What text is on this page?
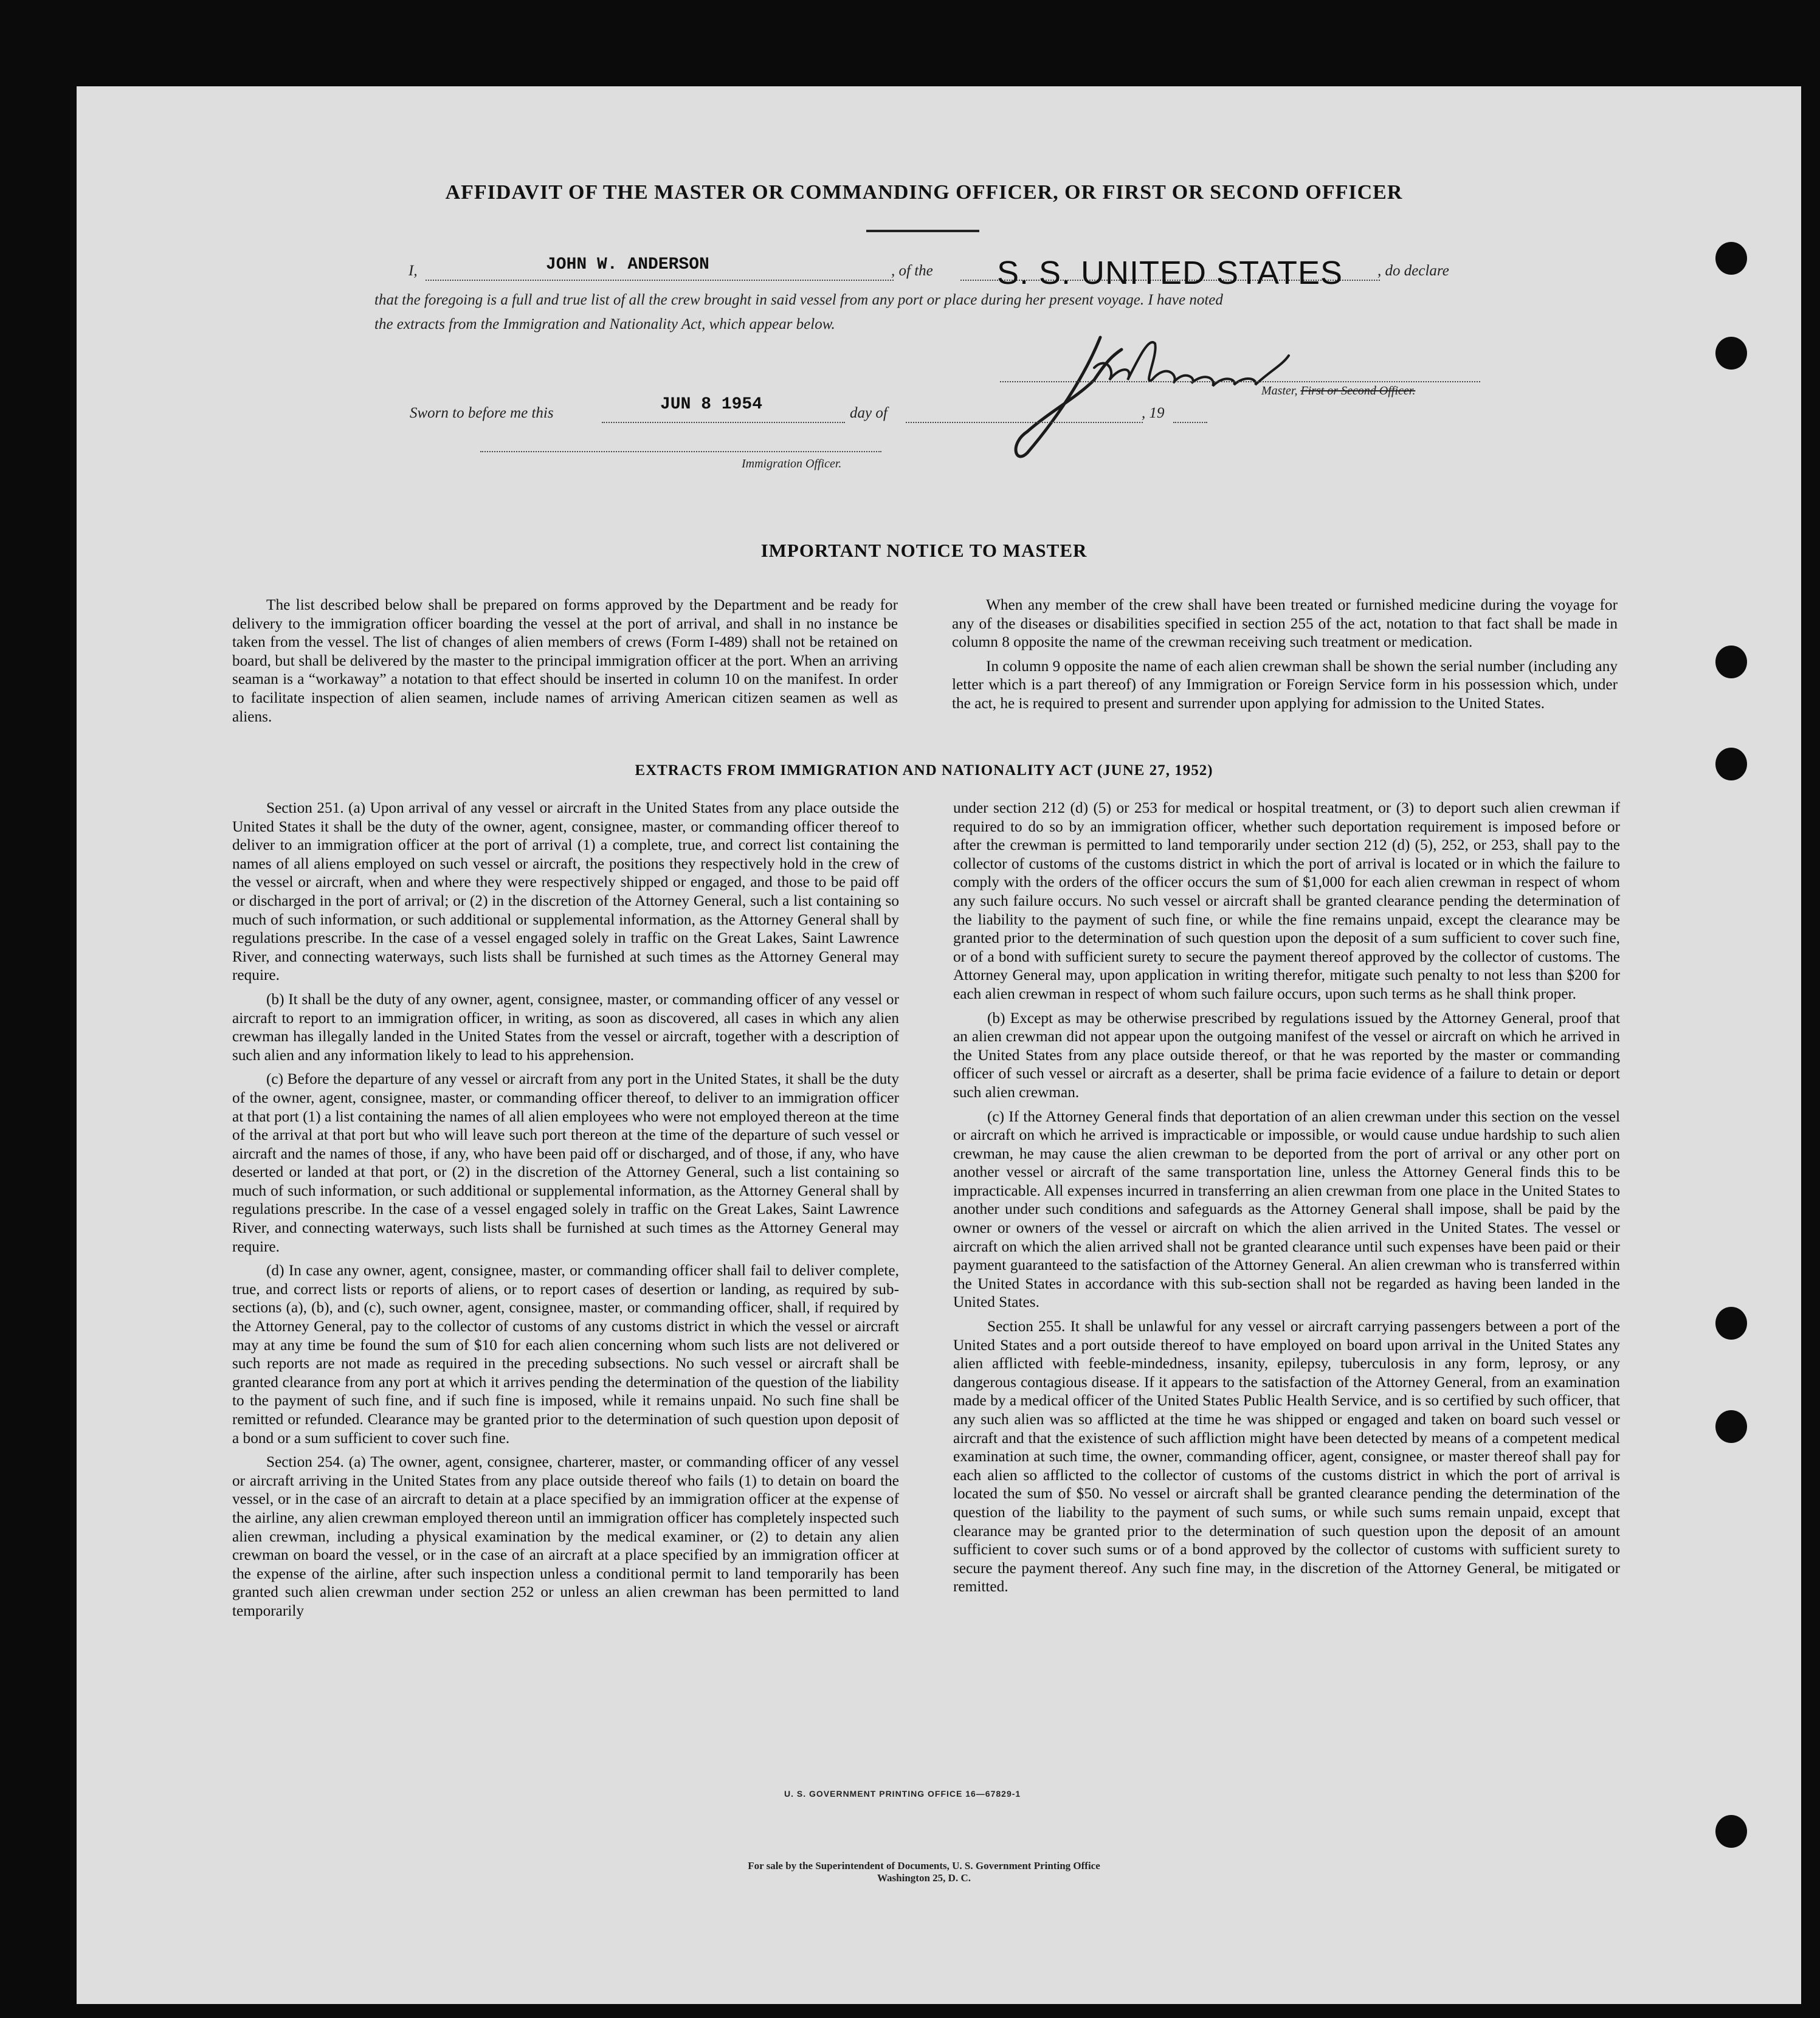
AFFIDAVIT OF THE MASTER OR COMMANDING OFFICER, OR FIRST OR SECOND OFFICER
I,	JOHN W. ANDERSON	, of the S. S. UNITED STATES , do declare
that the foregoing is a full and true list of all the crew brought in said vessel from any port or place during her present voyage. I have noted
the extracts from the Immigration and Nationality Act, which appear below.
Master, First or Second Officer.
Sworn to before me this	JUN 8 1954	day of	, 19
Immigration Officer.
IMPORTANT NOTICE TO MASTER

The list described below shall be prepared on forms approved by the Department and be ready for delivery to the immigration officer boarding the vessel at the port of arrival, and shall in no instance be taken from the vessel. The list of changes of alien members of crews (Form I-489) shall not be retained on board, but shall be delivered by the master to the principal immigration officer at the port. When an arriving seaman is a “workaway” a notation to that effect should be inserted in column 10 on the manifest. In order to facilitate inspection of alien seamen, include names of arriving American citizen seamen as well as aliens.

When any member of the crew shall have been treated or furnished medicine during the voyage for any of the diseases or disabilities specified in section 255 of the act, notation to that fact shall be made in column 8 opposite the name of the crewman receiving such treatment or medication.

In column 9 opposite the name of each alien crewman shall be shown the serial number (including any letter which is a part thereof) of any Immigration or Foreign Service form in his possession which, under the act, he is required to present and surrender upon applying for admission to the United States.

EXTRACTS FROM IMMIGRATION AND NATIONALITY ACT (JUNE 27, 1952)

Section 251. (a) Upon arrival of any vessel or aircraft in the United States from any place outside the United States it shall be the duty of the owner, agent, consignee, master, or commanding officer thereof to deliver to an immigration officer at the port of arrival (1) a complete, true, and correct list containing the names of all aliens employed on such vessel or aircraft, the positions they respectively hold in the crew of the vessel or aircraft, when and where they were respectively shipped or engaged, and those to be paid off or discharged in the port of arrival; or (2) in the discretion of the Attorney General, such a list containing so much of such information, or such additional or supplemental information, as the Attorney General shall by regulations prescribe. In the case of a vessel engaged solely in traffic on the Great Lakes, Saint Lawrence River, and connecting waterways, such lists shall be furnished at such times as the Attorney General may require.

(b) It shall be the duty of any owner, agent, consignee, master, or commanding officer of any vessel or aircraft to report to an immigration officer, in writing, as soon as discovered, all cases in which any alien crewman has illegally landed in the United States from the vessel or aircraft, together with a description of such alien and any information likely to lead to his apprehension.

(c) Before the departure of any vessel or aircraft from any port in the United States, it shall be the duty of the owner, agent, consignee, master, or commanding officer thereof, to deliver to an immigration officer at that port (1) a list containing the names of all alien employees who were not employed thereon at the time of the arrival at that port but who will leave such port thereon at the time of the departure of such vessel or aircraft and the names of those, if any, who have been paid off or discharged, and of those, if any, who have deserted or landed at that port, or (2) in the discretion of the Attorney General, such a list containing so much of such information, or such additional or supplemental information, as the Attorney General shall by regulations prescribe. In the case of a vessel engaged solely in traffic on the Great Lakes, Saint Lawrence River, and connecting waterways, such lists shall be furnished at such times as the Attorney General may require.

(d) In case any owner, agent, consignee, master, or commanding officer shall fail to deliver complete, true, and correct lists or reports of aliens, or to report cases of desertion or landing, as required by sub-sections (a), (b), and (c), such owner, agent, consignee, master, or commanding officer, shall, if required by the Attorney General, pay to the collector of customs of any customs district in which the vessel or aircraft may at any time be found the sum of $10 for each alien concerning whom such lists are not delivered or such reports are not made as required in the preceding subsections. No such vessel or aircraft shall be granted clearance from any port at which it arrives pending the determination of the question of the liability to the payment of such fine, and if such fine is imposed, while it remains unpaid. No such fine shall be remitted or refunded. Clearance may be granted prior to the determination of such question upon deposit of a bond or a sum sufficient to cover such fine.

Section 254. (a) The owner, agent, consignee, charterer, master, or commanding officer of any vessel or aircraft arriving in the United States from any place outside thereof who fails (1) to detain on board the vessel, or in the case of an aircraft to detain at a place specified by an immigration officer at the expense of the airline, any alien crewman employed thereon until an immigration officer has completely inspected such alien crewman, including a physical examination by the medical examiner, or (2) to detain any alien crewman on board the vessel, or in the case of an aircraft at a place specified by an immigration officer at the expense of the airline, after such inspection unless a conditional permit to land temporarily has been granted such alien crewman under section 252 or unless an alien crewman has been permitted to land temporarily

under section 212 (d) (5) or 253 for medical or hospital treatment, or (3) to deport such alien crewman if required to do so by an immigration officer, whether such deportation requirement is imposed before or after the crewman is permitted to land temporarily under section 212 (d) (5), 252, or 253, shall pay to the collector of customs of the customs district in which the port of arrival is located or in which the failure to comply with the orders of the officer occurs the sum of $1,000 for each alien crewman in respect of whom any such failure occurs. No such vessel or aircraft shall be granted clearance pending the determination of the liability to the payment of such fine, or while the fine remains unpaid, except the clearance may be granted prior to the determination of such question upon the deposit of a sum sufficient to cover such fine, or of a bond with sufficient surety to secure the payment thereof approved by the collector of customs. The Attorney General may, upon application in writing therefor, mitigate such penalty to not less than $200 for each alien crewman in respect of whom such failure occurs, upon such terms as he shall think proper.

(b) Except as may be otherwise prescribed by regulations issued by the Attorney General, proof that an alien crewman did not appear upon the outgoing manifest of the vessel or aircraft on which he arrived in the United States from any place outside thereof, or that he was reported by the master or commanding officer of such vessel or aircraft as a deserter, shall be prima facie evidence of a failure to detain or deport such alien crewman.

(c) If the Attorney General finds that deportation of an alien crewman under this section on the vessel or aircraft on which he arrived is impracticable or impossible, or would cause undue hardship to such alien crewman, he may cause the alien crewman to be deported from the port of arrival or any other port on another vessel or aircraft of the same transportation line, unless the Attorney General finds this to be impracticable. All expenses incurred in transferring an alien crewman from one place in the United States to another under such conditions and safeguards as the Attorney General shall impose, shall be paid by the owner or owners of the vessel or aircraft on which the alien arrived in the United States. The vessel or aircraft on which the alien arrived shall not be granted clearance until such expenses have been paid or their payment guaranteed to the satisfaction of the Attorney General. An alien crewman who is transferred within the United States in accordance with this sub-section shall not be regarded as having been landed in the United States.

Section 255. It shall be unlawful for any vessel or aircraft carrying passengers between a port of the United States and a port outside thereof to have employed on board upon arrival in the United States any alien afflicted with feeble-mindedness, insanity, epilepsy, tuberculosis in any form, leprosy, or any dangerous contagious disease. If it appears to the satisfaction of the Attorney General, from an examination made by a medical officer of the United States Public Health Service, and is so certified by such officer, that any such alien was so afflicted at the time he was shipped or engaged and taken on board such vessel or aircraft and that the existence of such affliction might have been detected by means of a competent medical examination at such time, the owner, commanding officer, agent, consignee, or master thereof shall pay for each alien so afflicted to the collector of customs of the customs district in which the port of arrival is located the sum of $50. No vessel or aircraft shall be granted clearance pending the determination of the question of the liability to the payment of such sums, or while such sums remain unpaid, except that clearance may be granted prior to the determination of such question upon the deposit of an amount sufficient to cover such sums or of a bond approved by the collector of customs with sufficient surety to secure the payment thereof. Any such fine may, in the discretion of the Attorney General, be mitigated or remitted.

U. S. GOVERNMENT PRINTING OFFICE 16—67829-1
For sale by the Superintendent of Documents, U. S. Government Printing Office
Washington 25, D. C.
